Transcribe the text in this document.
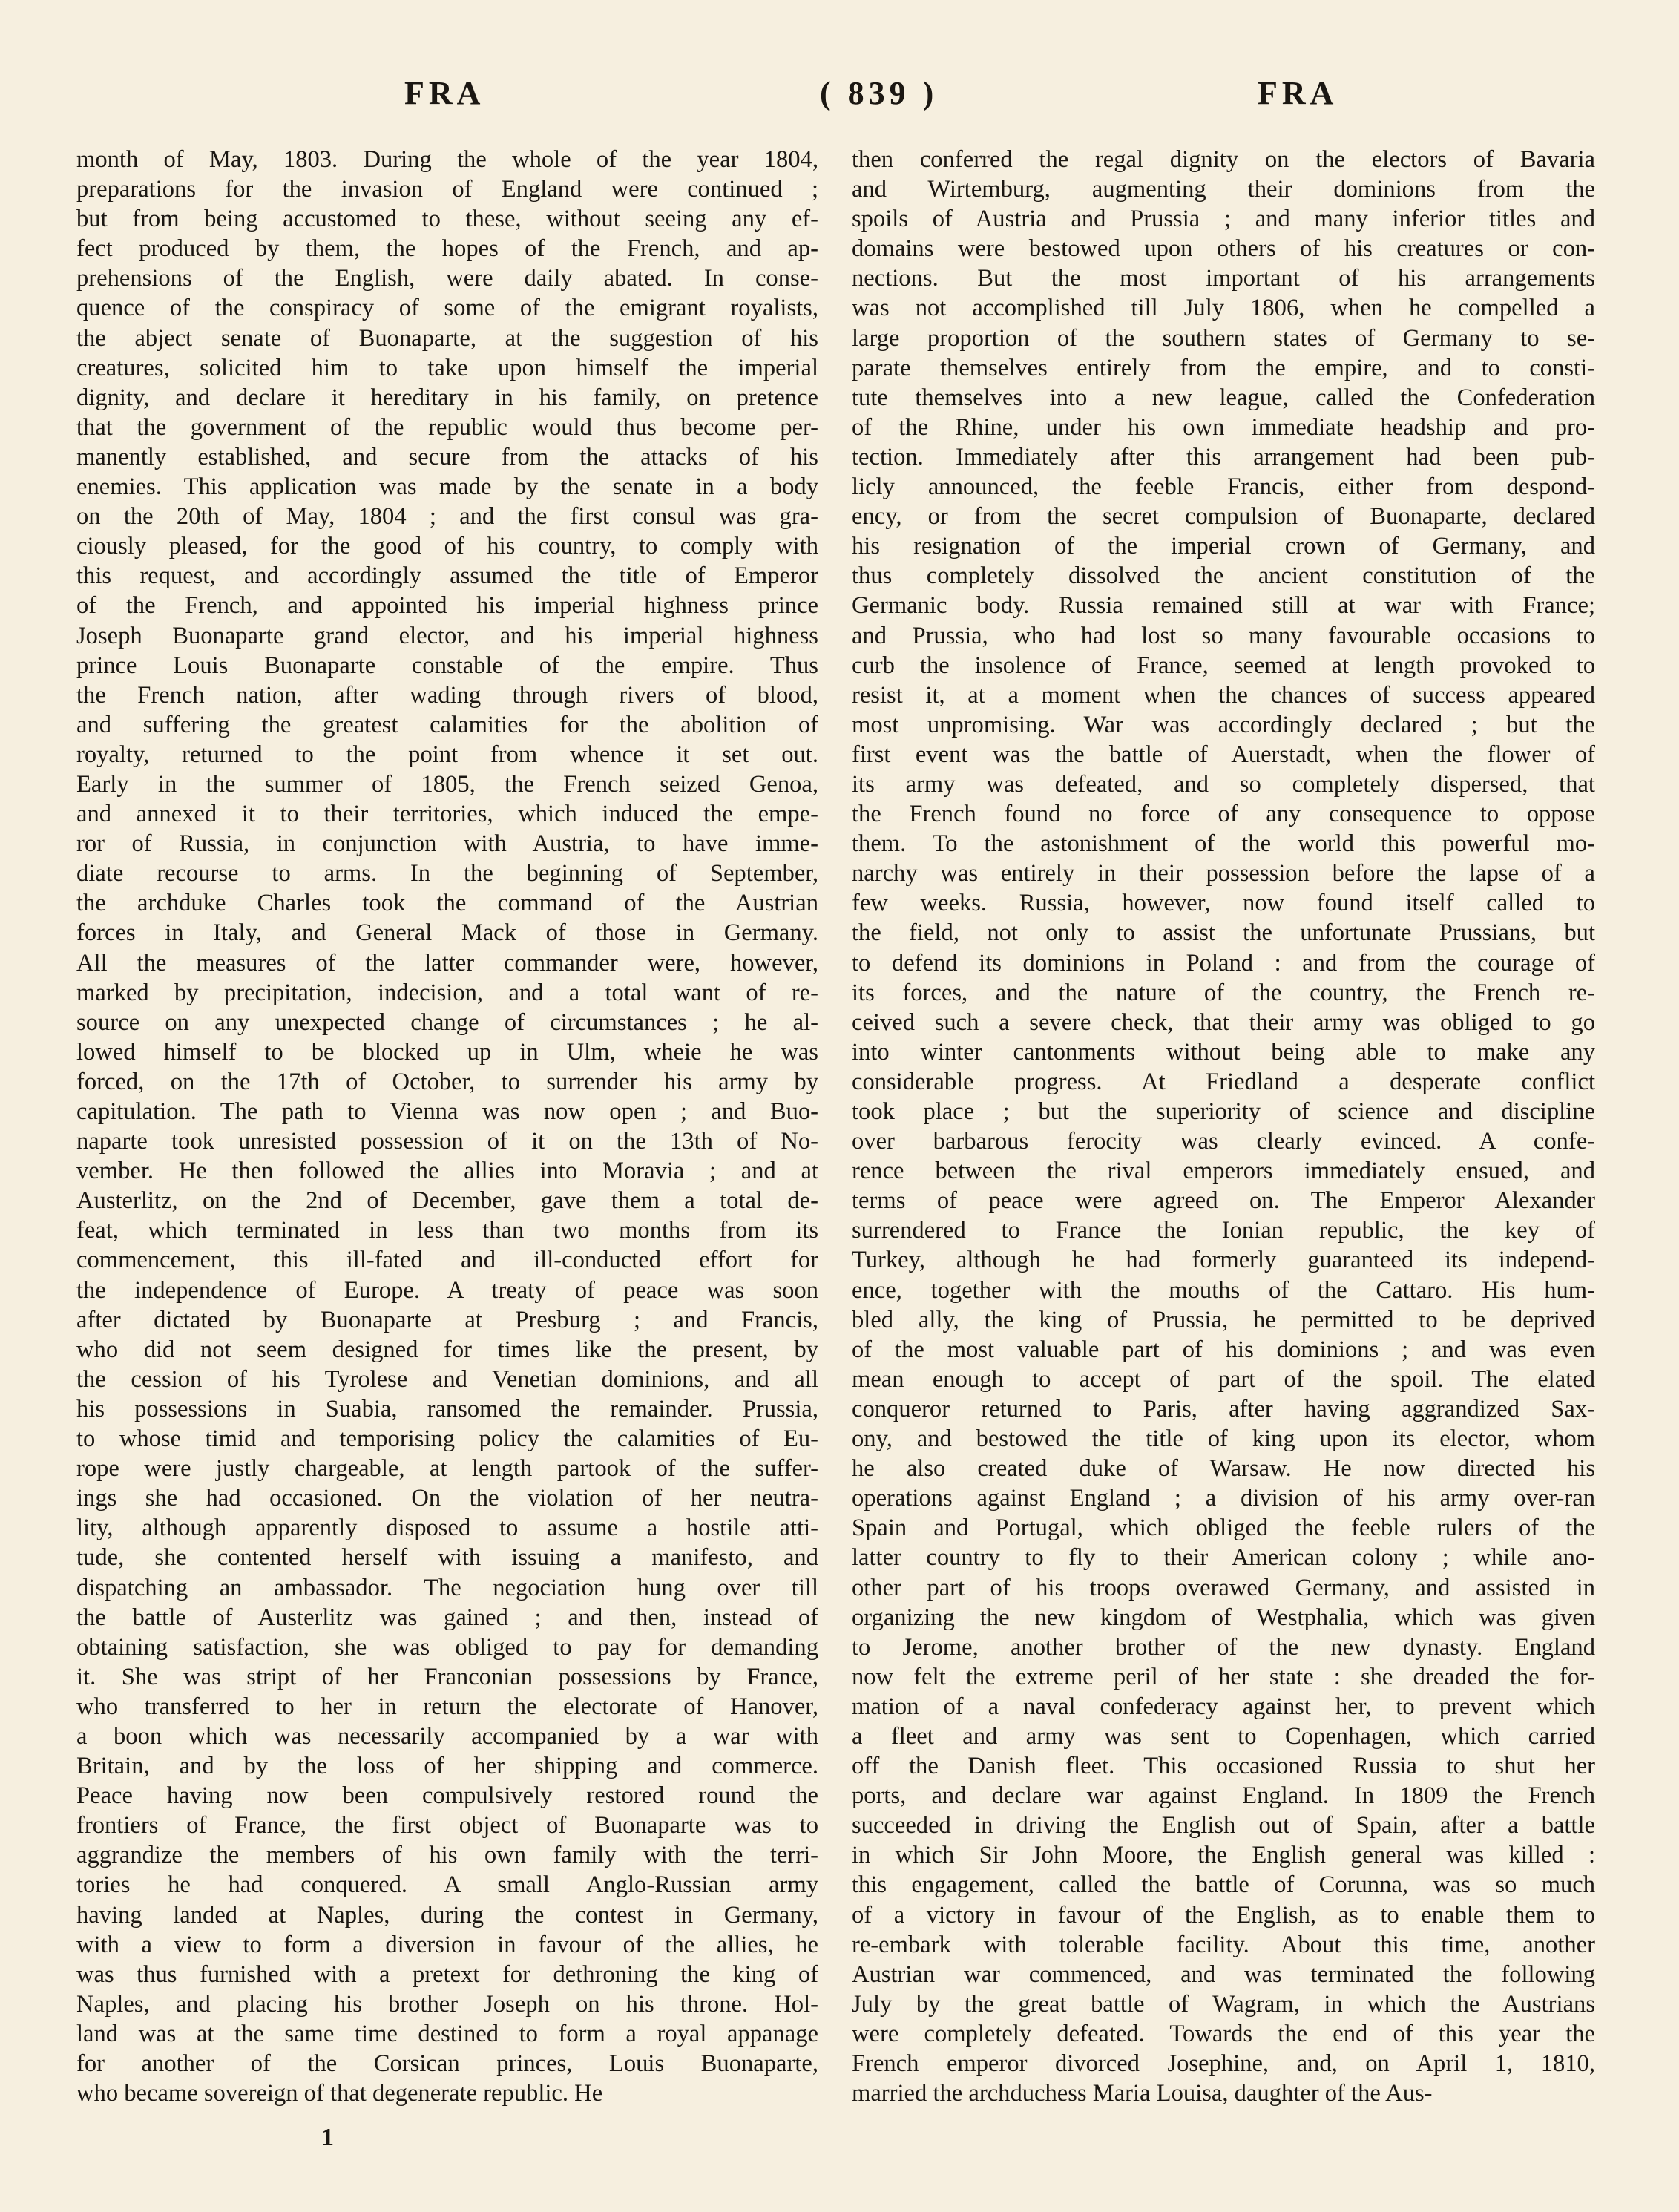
FRA	( 839 )	FRA
month of May, 1803. During the whole of the year 1804,
preparations for the invasion of England were continued ;
but from being accustomed to these, without seeing any ef-
fect produced by them, the hopes of the French, and ap-
prehensions of the English, were daily abated. In conse-
quence of the conspiracy of some of the emigrant royalists,
the abject senate of Buonaparte, at the suggestion of his
creatures, solicited him to take upon himself the imperial
dignity, and declare it hereditary in his family, on pretence
that the government of the republic would thus become per-
manently established, and secure from the attacks of his
enemies. This application was made by the senate in a body
on the 20th of May, 1804 ; and the first consul was gra-
ciously pleased, for the good of his country, to comply with
this request, and accordingly assumed the title of Emperor
of the French, and appointed his imperial highness prince
Joseph Buonaparte grand elector, and his imperial highness
prince Louis Buonaparte constable of the empire. Thus
the French nation, after wading through rivers of blood,
and suffering the greatest calamities for the abolition of
royalty, returned to the point from whence it set out.
Early in the summer of 1805, the French seized Genoa,
and annexed it to their territories, which induced the empe-
ror of Russia, in conjunction with Austria, to have imme-
diate recourse to arms. In the beginning of September,
the archduke Charles took the command of the Austrian
forces in Italy, and General Mack of those in Germany.
All the measures of the latter commander were, however,
marked by precipitation, indecision, and a total want of re-
source on any unexpected change of circumstances ; he al-
lowed himself to be blocked up in Ulm, wheie he was
forced, on the 17th of October, to surrender his army by
capitulation. The path to Vienna was now open ; and Buo-
naparte took unresisted possession of it on the 13th of No-
vember. He then followed the allies into Moravia ; and at
Austerlitz, on the 2nd of December, gave them a total de-
feat, which terminated in less than two months from its
commencement, this ill-fated and ill-conducted effort for
the independence of Europe. A treaty of peace was soon
after dictated by Buonaparte at Presburg ; and Francis,
who did not seem designed for times like the present, by
the cession of his Tyrolese and Venetian dominions, and all
his possessions in Suabia, ransomed the remainder. Prussia,
to whose timid and temporising policy the calamities of Eu-
rope were justly chargeable, at length partook of the suffer-
ings she had occasioned. On the violation of her neutra-
lity, although apparently disposed to assume a hostile atti-
tude, she contented herself with issuing a manifesto, and
dispatching an ambassador. The negociation hung over till
the battle of Austerlitz was gained ; and then, instead of
obtaining satisfaction, she was obliged to pay for demanding
it. She was stript of her Franconian possessions by France,
who transferred to her in return the electorate of Hanover,
a boon which was necessarily accompanied by a war with
Britain, and by the loss of her shipping and commerce.
Peace having now been compulsively restored round the
frontiers of France, the first object of Buonaparte was to
aggrandize the members of his own family with the terri-
tories he had conquered. A small Anglo-Russian army
having landed at Naples, during the contest in Germany,
with a view to form a diversion in favour of the allies, he
was thus furnished with a pretext for dethroning the king of
Naples, and placing his brother Joseph on his throne. Hol-
land was at the same time destined to form a royal appanage
for another of the Corsican princes, Louis Buonaparte,
who became sovereign of that degenerate republic. He
then conferred the regal dignity on the electors of Bavaria
and Wirtemburg, augmenting their dominions from the
spoils of Austria and Prussia ; and many inferior titles and
domains were bestowed upon others of his creatures or con-
nections. But the most important of his arrangements
was not accomplished till July 1806, when he compelled a
large proportion of the southern states of Germany to se-
parate themselves entirely from the empire, and to consti-
tute themselves into a new league, called the Confederation
of the Rhine, under his own immediate headship and pro-
tection. Immediately after this arrangement had been pub-
licly announced, the feeble Francis, either from despond-
ency, or from the secret compulsion of Buonaparte, declared
his resignation of the imperial crown of Germany, and
thus completely dissolved the ancient constitution of the
Germanic body. Russia remained still at war with France;
and Prussia, who had lost so many favourable occasions to
curb the insolence of France, seemed at length provoked to
resist it, at a moment when the chances of success appeared
most unpromising. War was accordingly declared ; but the
first event was the battle of Auerstadt, when the flower of
its army was defeated, and so completely dispersed, that
the French found no force of any consequence to oppose
them. To the astonishment of the world this powerful mo-
narchy was entirely in their possession before the lapse of a
few weeks. Russia, however, now found itself called to
the field, not only to assist the unfortunate Prussians, but
to defend its dominions in Poland : and from the courage of
its forces, and the nature of the country, the French re-
ceived such a severe check, that their army was obliged to go
into winter cantonments without being able to make any
considerable progress. At Friedland a desperate conflict
took place ; but the superiority of science and discipline
over barbarous ferocity was clearly evinced. A confe-
rence between the rival emperors immediately ensued, and
terms of peace were agreed on. The Emperor Alexander
surrendered to France the Ionian republic, the key of
Turkey, although he had formerly guaranteed its independ-
ence, together with the mouths of the Cattaro. His hum-
bled ally, the king of Prussia, he permitted to be deprived
of the most valuable part of his dominions ; and was even
mean enough to accept of part of the spoil. The elated
conqueror returned to Paris, after having aggrandized Sax-
ony, and bestowed the title of king upon its elector, whom
he also created duke of Warsaw. He now directed his
operations against England ; a division of his army over-ran
Spain and Portugal, which obliged the feeble rulers of the
latter country to fly to their American colony ; while ano-
other part of his troops overawed Germany, and assisted in
organizing the new kingdom of Westphalia, which was given
to Jerome, another brother of the new dynasty. England
now felt the extreme peril of her state : she dreaded the for-
mation of a naval confederacy against her, to prevent which
a fleet and army was sent to Copenhagen, which carried
off the Danish fleet. This occasioned Russia to shut her
ports, and declare war against England. In 1809 the French
succeeded in driving the English out of Spain, after a battle
in which Sir John Moore, the English general was killed :
this engagement, called the battle of Corunna, was so much
of a victory in favour of the English, as to enable them to
re-embark with tolerable facility. About this time, another
Austrian war commenced, and was terminated the following
July by the great battle of Wagram, in which the Austrians
were completely defeated. Towards the end of this year the
French emperor divorced Josephine, and, on April 1, 1810,
married the archduchess Maria Louisa, daughter of the Aus-
1
